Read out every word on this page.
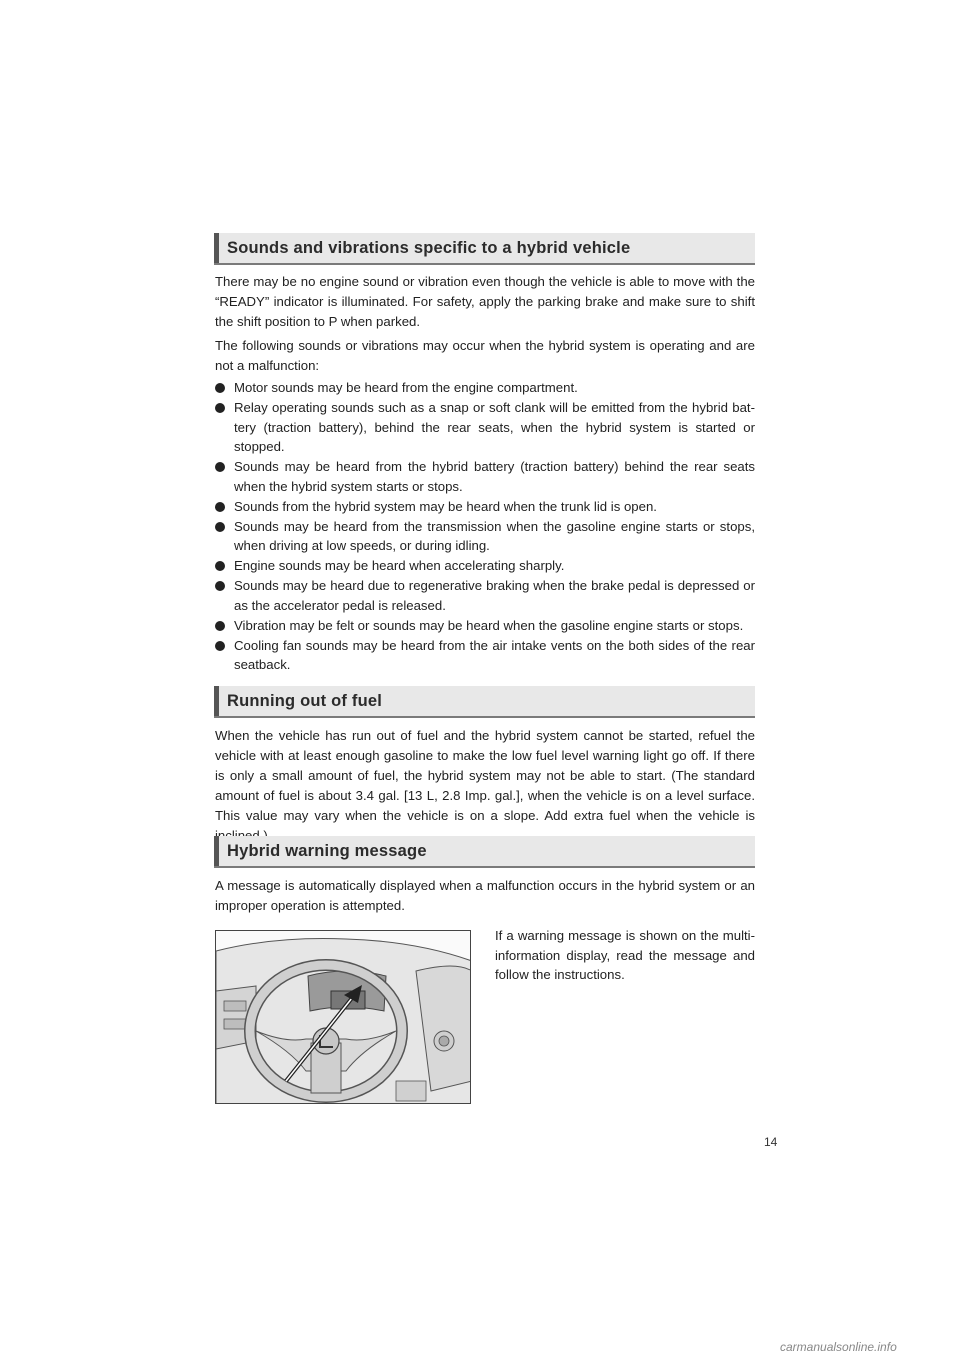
Sounds and vibrations specific to a hybrid vehicle

There may be no engine sound or vibration even though the vehicle is able to move with the “READY” indicator is illuminated. For safety, apply the parking brake and make sure to shift the shift position to P when parked.

The following sounds or vibrations may occur when the hybrid system is operating and are not a malfunction:

Motor sounds may be heard from the engine compartment.
Relay operating sounds such as a snap or soft clank will be emitted from the hybrid battery (traction battery), behind the rear seats, when the hybrid system is started or stopped.
Sounds may be heard from the hybrid battery (traction battery) behind the rear seats when the hybrid system starts or stops.
Sounds from the hybrid system may be heard when the trunk lid is open.
Sounds may be heard from the transmission when the gasoline engine starts or stops, when driving at low speeds, or during idling.
Engine sounds may be heard when accelerating sharply.
Sounds may be heard due to regenerative braking when the brake pedal is depressed or as the accelerator pedal is released.
Vibration may be felt or sounds may be heard when the gasoline engine starts or stops.
Cooling fan sounds may be heard from the air intake vents on the both sides of the rear seatback.
Running out of fuel

When the vehicle has run out of fuel and the hybrid system cannot be started, refuel the vehicle with at least enough gasoline to make the low fuel level warning light go off. If there is only a small amount of fuel, the hybrid system may not be able to start. (The standard amount of fuel is about 3.4 gal. [13 L, 2.8 Imp. gal.], when the vehicle is on a level surface. This value may vary when the vehicle is on a slope. Add extra fuel when the vehicle is

Hybrid warning message

A message is automatically displayed when a malfunction occurs in the hybrid system or an improper operation is attempted.

If a warning message is shown on the multi-information display, read the message and follow the instructions.

14
carmanualsonline.info
